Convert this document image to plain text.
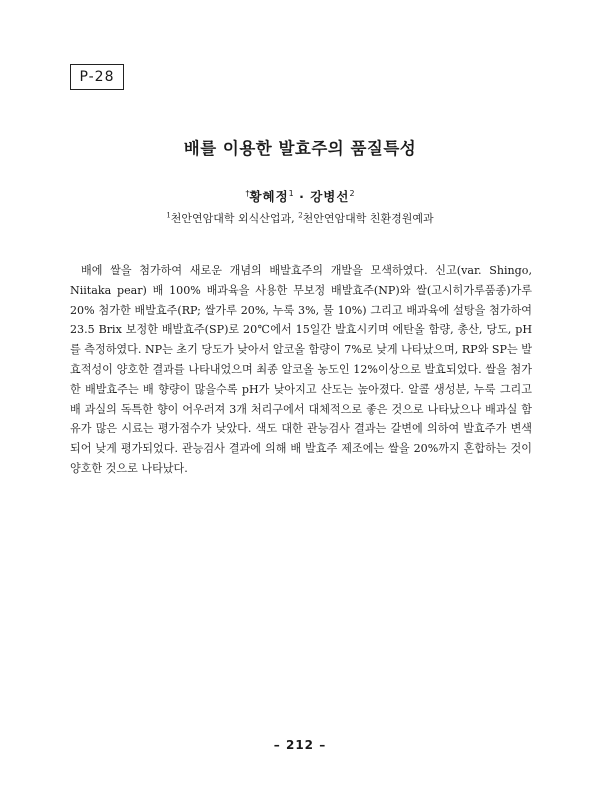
P-28
배를 이용한 발효주의 품질특성
†황혜정$^1$ · 강병선$^2$
$^1$천안연암대학 외식산업과, $^2$천안연암대학 친환경원예과

배에 쌀을 첨가하여 새로운 개념의 배발효주의 개발을 모색하였다. 신고(var. Shingo, Niitaka pear) 배 100% 배과육을 사용한 무보정 배발효주(NP)와 쌀(고시히가루품종)가루 20% 첨가한 배발효주(RP; 쌀가루 20%, 누룩 3%, 물 10%) 그리고 배과육에 설탕을 첨가하여 23.5 Brix 보정한 배발효주(SP)로 20℃에서 15일간 발효시키며 에탄올 함량, 총산, 당도, pH를 측정하였다. NP는 초기 당도가 낮아서 알코올 함량이 7%로 낮게 나타났으며, RP와 SP는 발효적성이 양호한 결과를 나타내었으며 최종 알코올 농도인 12%이상으로 발효되었다. 쌀을 첨가한 배발효주는 배 향량이 많을수록 pH가 낮아지고 산도는 높아졌다. 알콜 생성분, 누룩 그리고 배 과실의 독특한 향이 어우러져 3개 처리구에서 대체적으로 좋은 것으로 나타났으나 배과실 함유가 많은 시료는 평가점수가 낮았다. 색도 대한 관능검사 결과는 갈변에 의하여 발효주가 변색되어 낮게 평가되었다. 관능검사 결과에 의해 배 발효주 제조에는 쌀을 20%까지 혼합하는 것이 양호한 것으로 나타났다.

– 212 –
